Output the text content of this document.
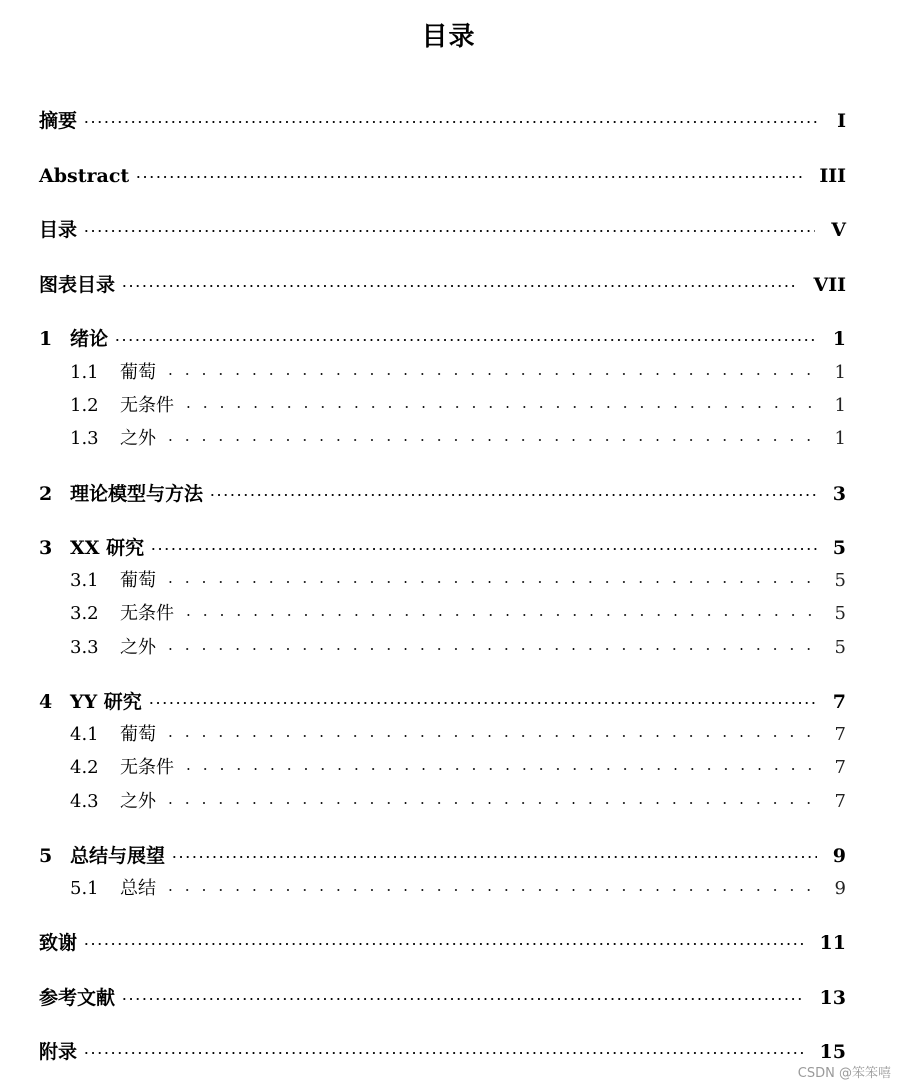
目录
摘要	I
Abstract	III
目录	V
图表目录	VII
1 绪论	1
1.1 葡萄	1
1.2 无条件	1
1.3 之外	1
2 理论模型与方法	3
3 XX 研究	5
3.1 葡萄	5
3.2 无条件	5
3.3 之外	5
4 YY 研究	7
4.1 葡萄	7
4.2 无条件	7
4.3 之外	7
5 总结与展望	9
5.1 总结	9
致谢	11
参考文献	13
附录	15
CSDN @笨笨嘻
